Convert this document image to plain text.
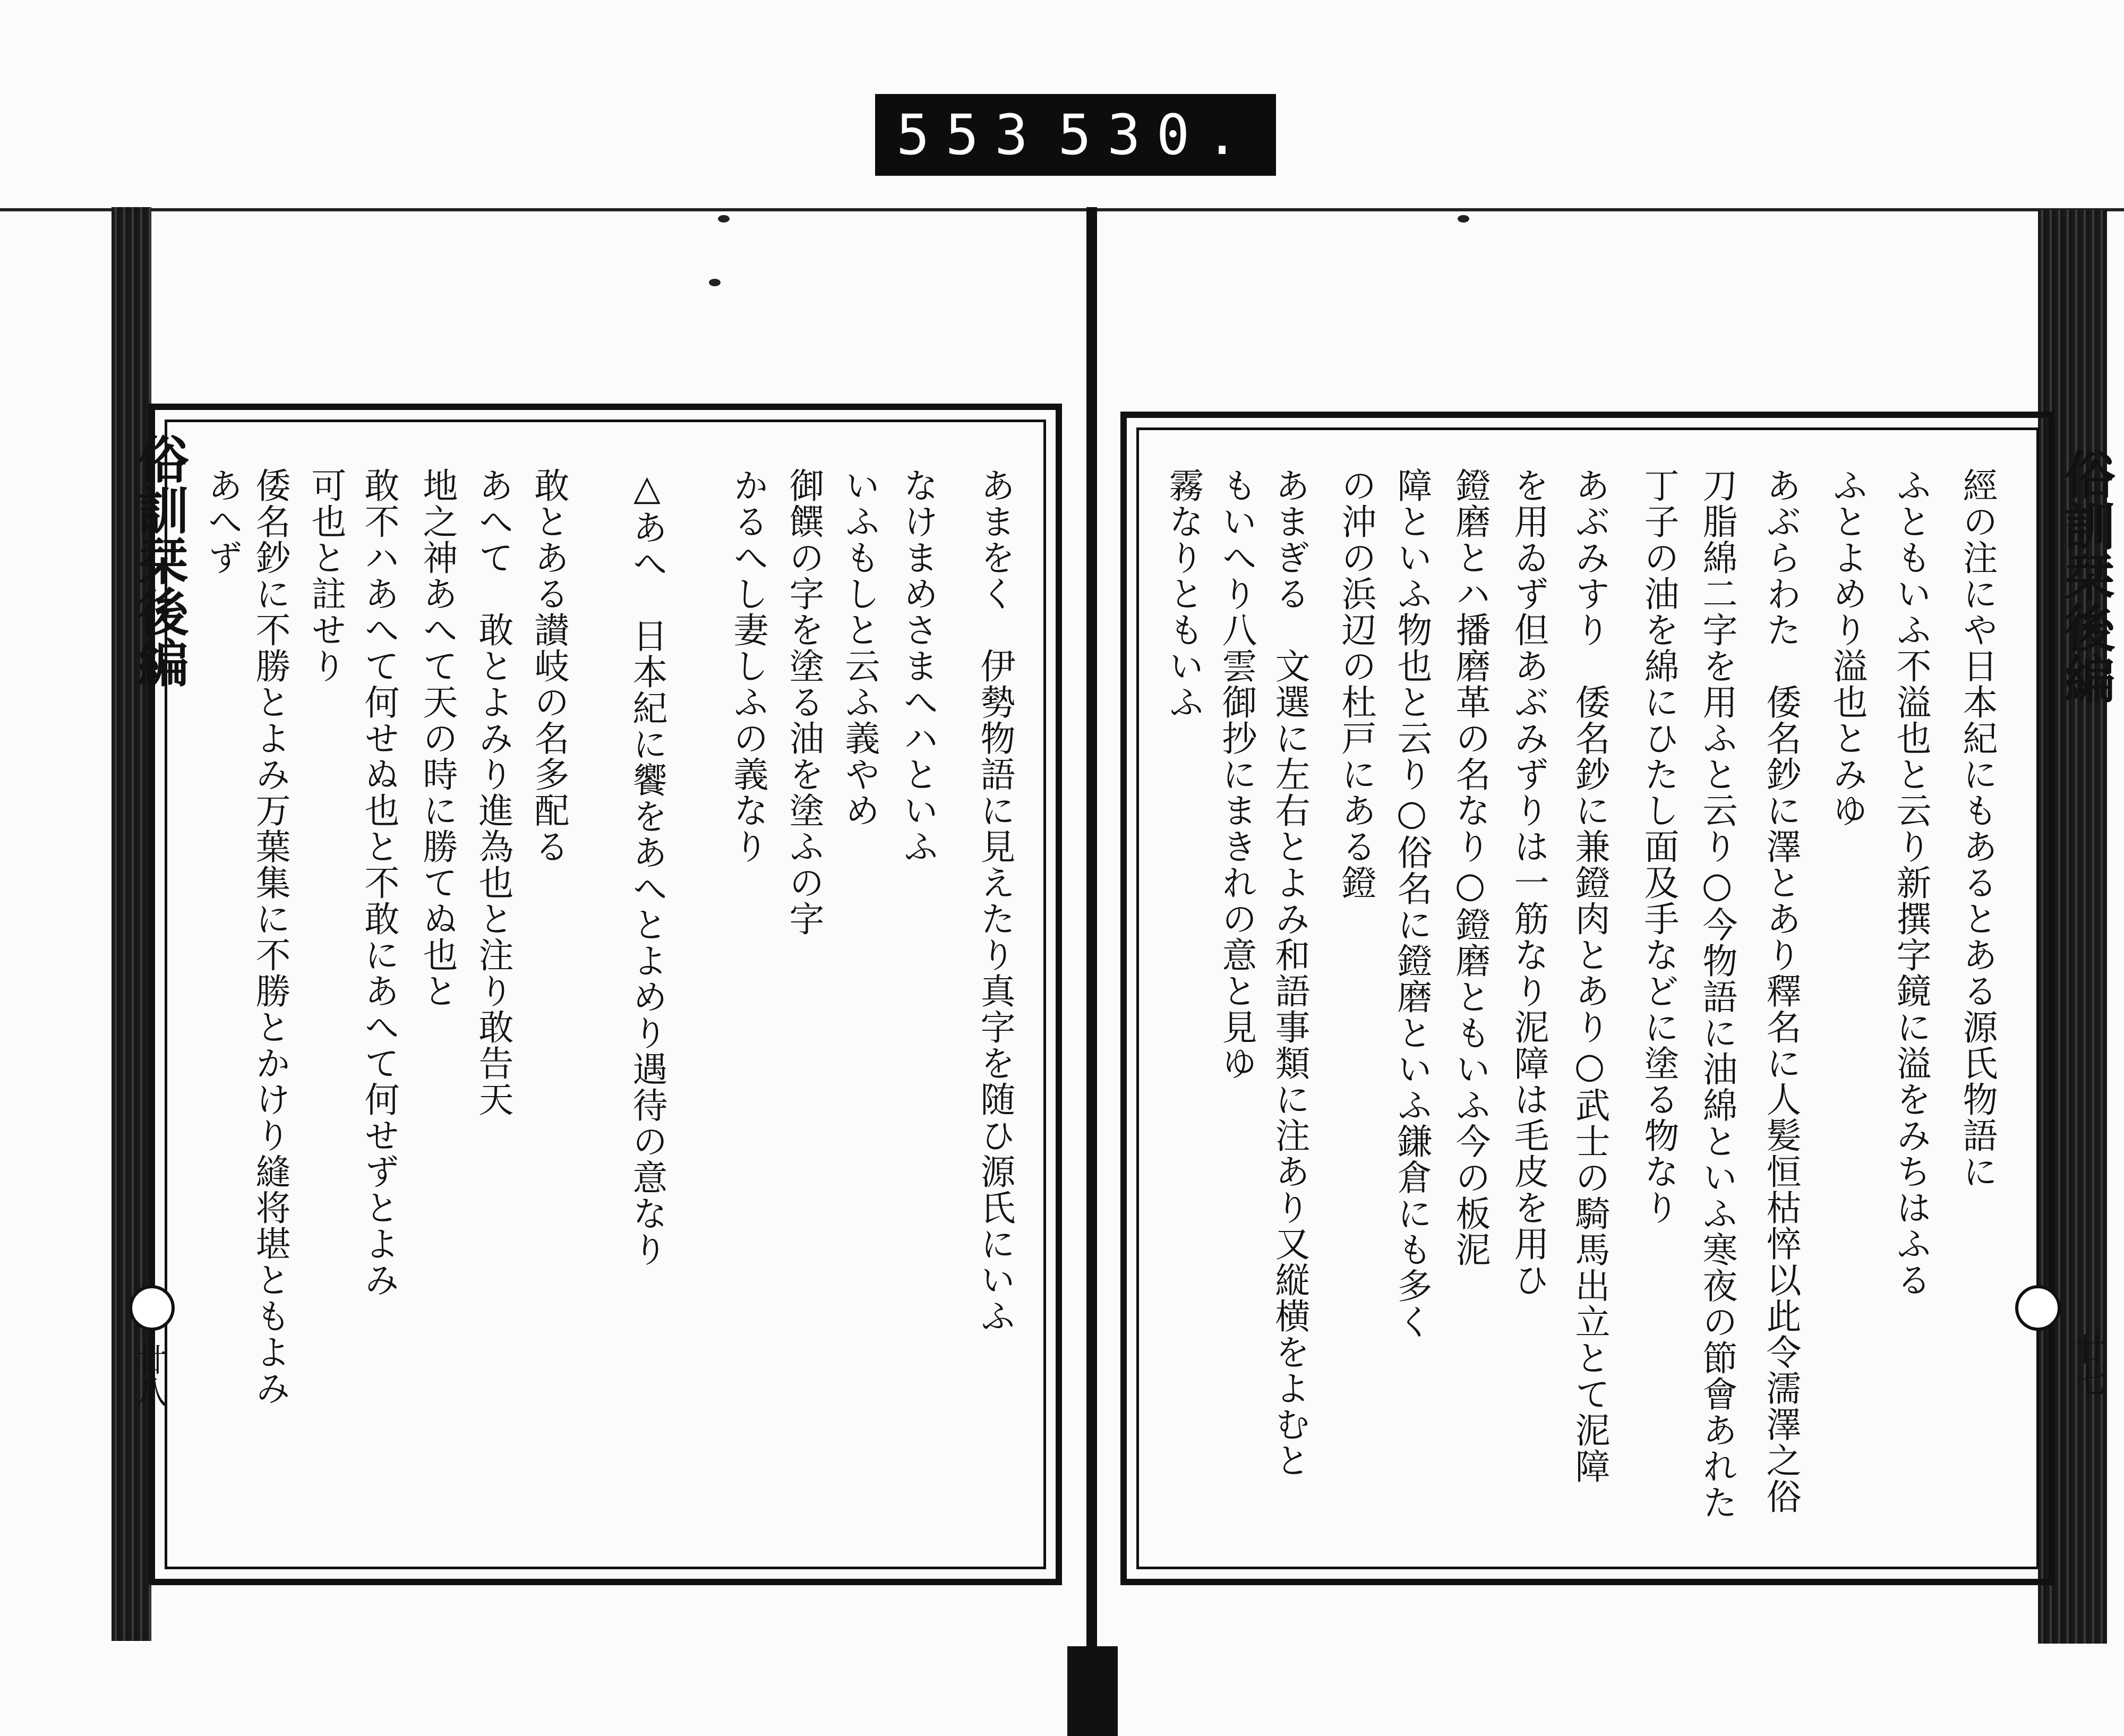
553 530.
俗訓栞後編
廿八
あへず 倭名鈔に不勝とよみ万葉集に不勝とかけり縫将堪ともよみ 可也と註せり 敢不ハあへて何せぬ也と不敢にあへて何せずとよみ 地之神あへて天の時に勝てぬ也と あへて　敢とよみり進為也と注り敢告天 敢とある讃岐の名多配る △あへ　日本紀に饗をあへとよめり遇待の意なり かるへし妻しふの義なり 御饌の字を塗る油を塗ふの字 いふもしと云ふ義やめ なけまめさまへハといふ あまをく　伊勢物語に見えたり真字を随ひ源氏にいふ	俗訓栞後編
廿七
霧なりともいふ もいへり八雲御抄にまきれの意と見ゆ あまぎる　文選に左右とよみ和語事類に注あり又縦横をよむと の沖の浜辺の杜戸にある鐙 障といふ物也と云り○俗名に鐙磨といふ鎌倉にも多く 鐙磨とハ播磨革の名なり○鐙磨ともいふ今の板泥 を用ゐず但あぶみずりは一筋なり泥障は毛皮を用ひ あぶみすり　倭名鈔に兼鐙肉とあり○武士の騎馬出立とて泥障 丁子の油を綿にひたし面及手などに塗る物なり 刀脂綿二字を用ふと云り○今物語に油綿といふ寒夜の節會あれた あぶらわた　倭名鈔に澤とあり釋名に人髪恒枯悴以此令濡澤之俗 ふとよめり溢也とみゆ ふともいふ不溢也と云り新撰字鏡に溢をみちはふる 經の注にや日本紀にもあるとある源氏物語に
